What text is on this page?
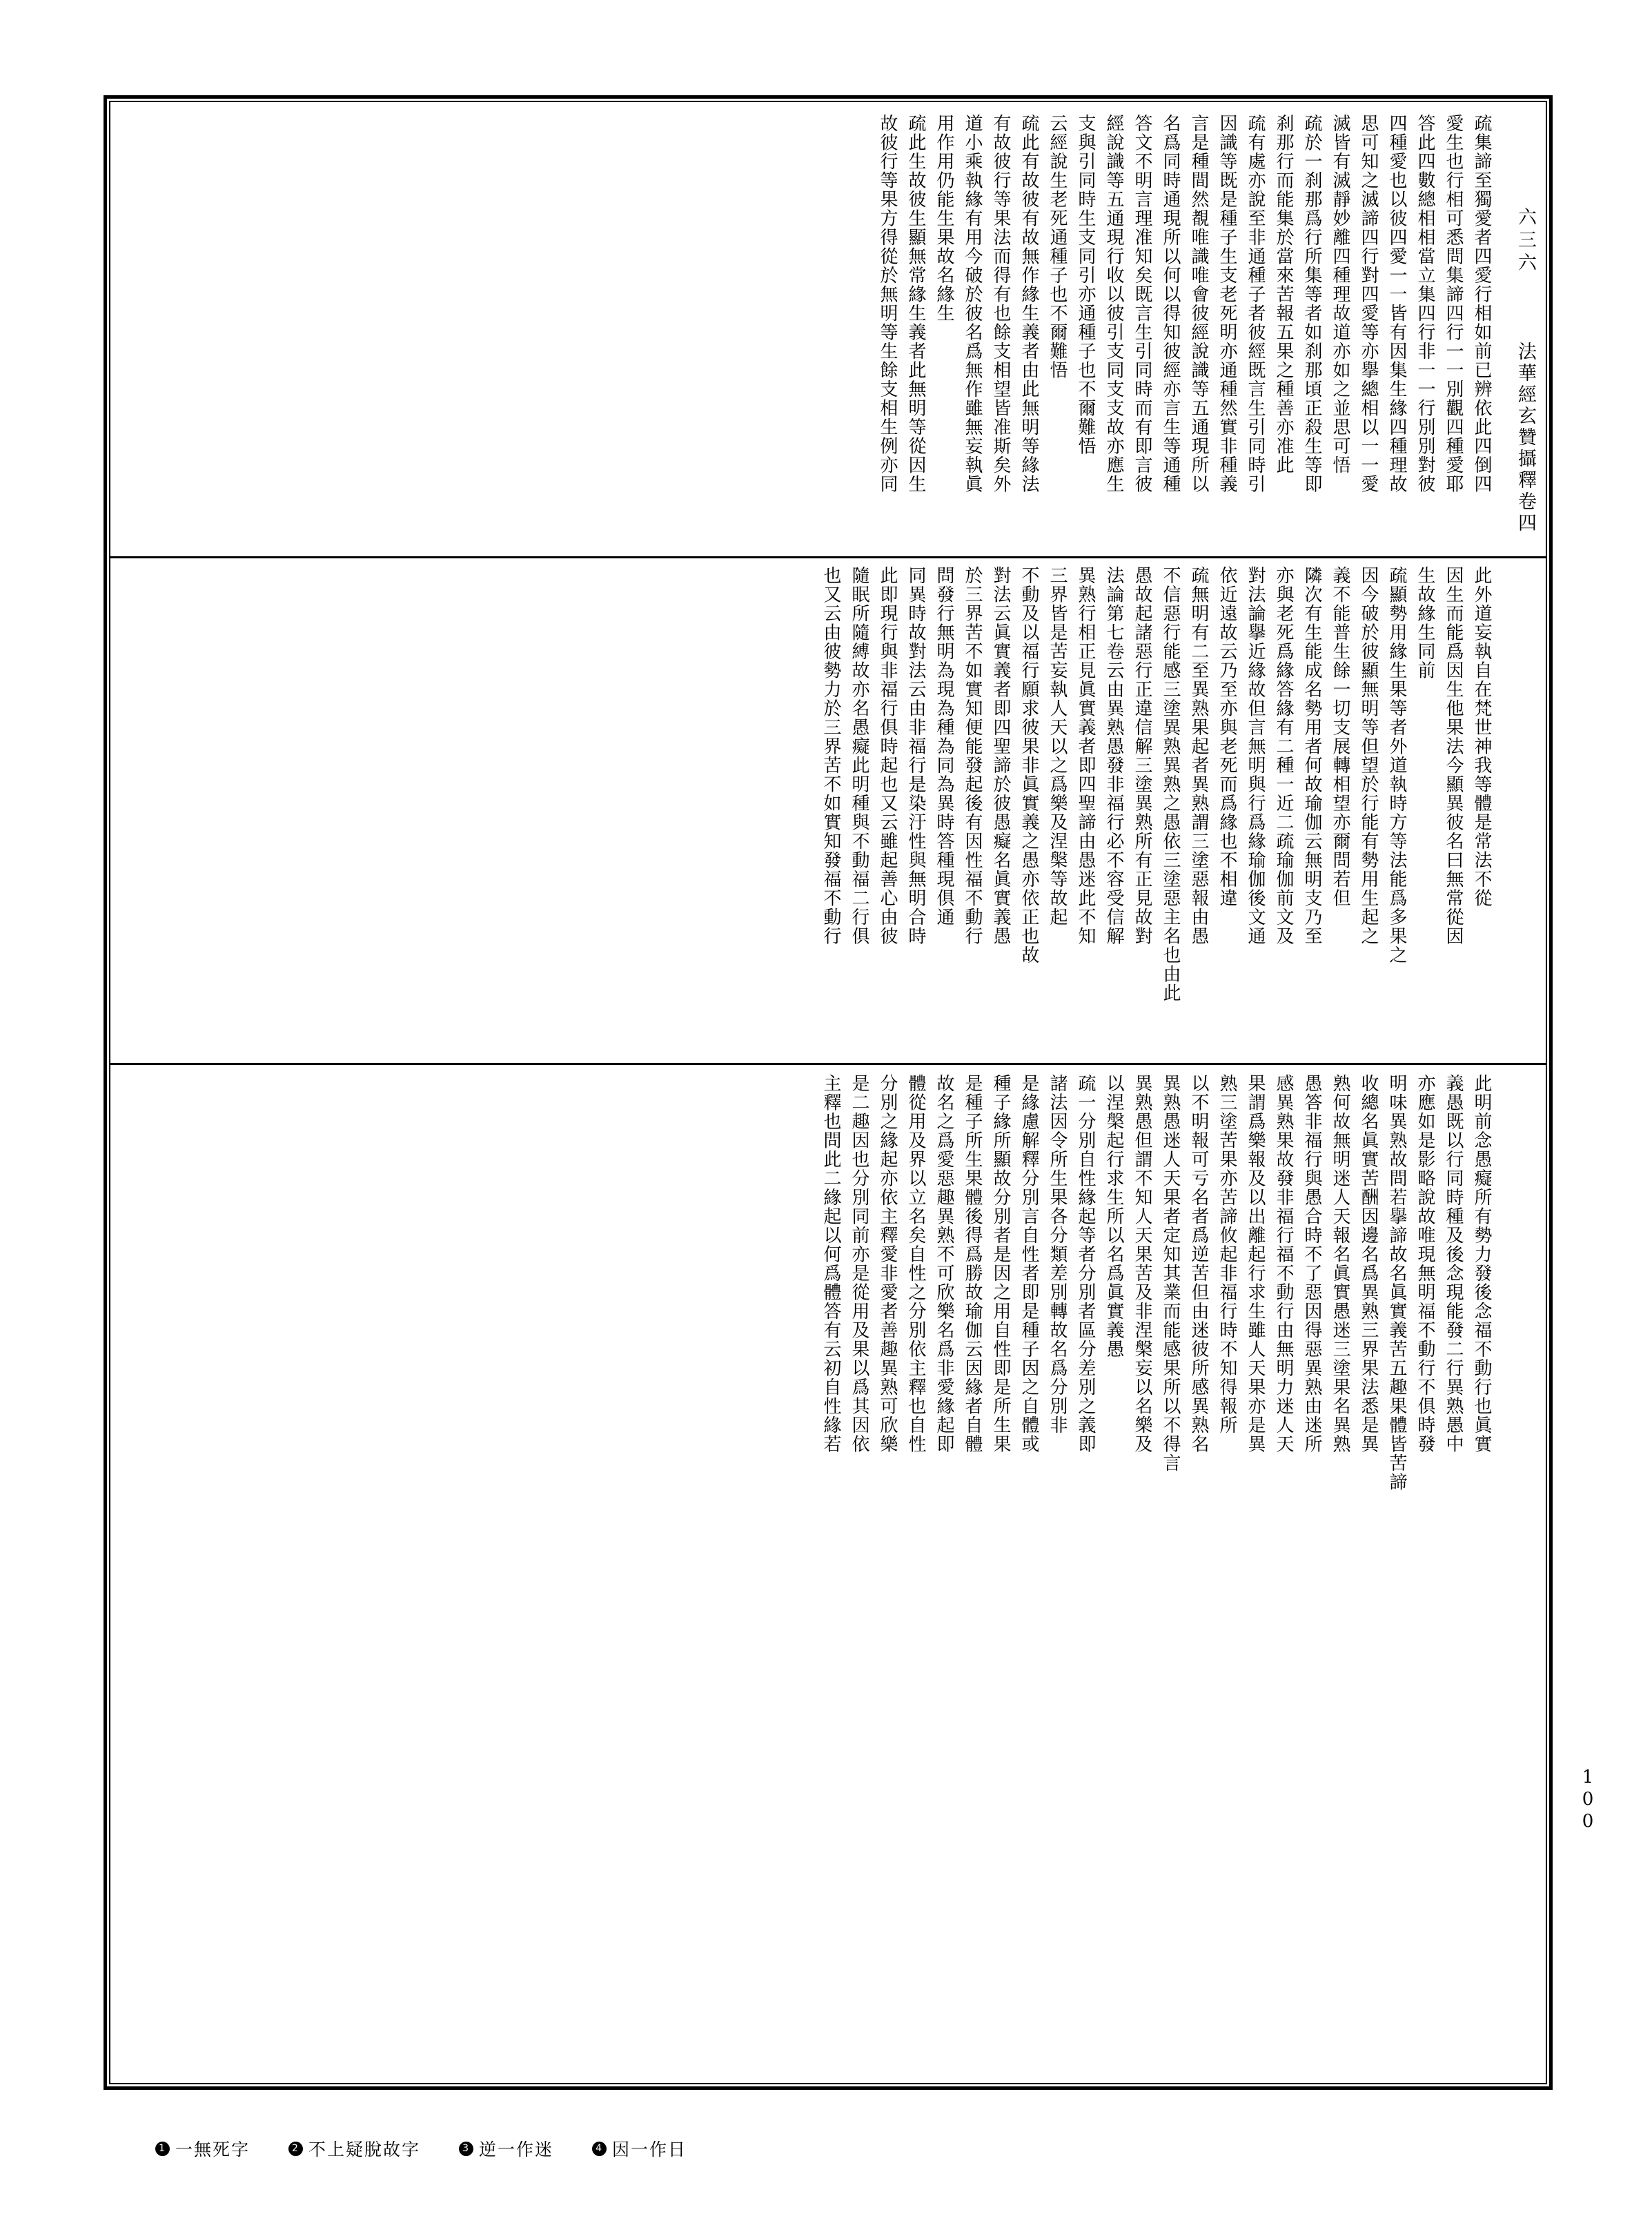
六三六  法華經玄贊攝釋卷四
100
疏集諦至獨愛者四愛行相如前已辨依此四倒四
愛生也行相可悉問集諦四行一一別觀四種愛耶
答此四數總相相當立集四行非一一行別別對彼
四種愛也以彼四愛一一皆有因集生緣四種理故
思可知之滅諦四行對四愛等亦擧總相以一一愛
滅皆有滅靜妙離四種理故道亦如之並思可悟
疏於一刹那爲行所集等者如刹那頃正殺生等即
刹那行而能集於當來苦報五果之種善亦准此
疏有處亦說至非通種子者彼經既言生引同時引
因識等既是種子生支老死明亦通種然實非種義
言是種間然覩唯識唯會彼經說識等五通現所以
名爲同時通現所以何以得知彼經亦言生等通種
答文不明言理准知矣既言生引同時而有即言彼
經說識等五通現行收以彼引支同支支故亦應生
支與引同時生支同引亦通種子也不爾難悟
云經說生老死通種子也不爾難悟
疏此有故彼有故無作緣生義者由此無明等緣法
有故彼行等果法而得有也餘支相望皆准斯矣外
道小乘執緣有用今破於彼名爲無作雖無妄執眞
用作用仍能生果故名緣生
疏此生故彼生顯無常緣生義者此無明等從因生
故彼行等果方得從於無明等生餘支相生例亦同
此外道妄執自在梵世神我等體是常法不從
因生而能爲因生他果法今顯異彼名曰無常從因
生故緣生同前
疏顯勢用緣生果等者外道執時方等法能爲多果之
因今破於彼顯無明等但望於行能有勢用生起之
義不能普生餘一切支展轉相望亦爾問若但
隣次有生能成名勢用者何故瑜伽云無明支乃至
亦與老死爲緣答緣有二種一近二疏瑜伽前文及
對法論擧近緣故但言無明與行爲緣瑜伽後文通
依近遠故云乃至亦與老死而爲緣也不相違
疏無明有二至異熟果起者異熟謂三塗惡報由愚
不信惡行能感三塗異熟異熟之愚依三塗惡主名也由此
愚故起諸惡行正違信解三塗異熟所有正見故對
法論第七卷云由異熟愚發非福行必不容受信解
異熟行相正見眞實義者即四聖諦由愚迷此不知
三界皆是苦妄執人天以之爲樂及涅槃等故起
不動及以福行願求彼果非眞實義之愚亦依正也故
對法云眞實義者即四聖諦於彼愚癡名眞實義愚
於三界苦不如實知便能發起後有因性福不動行
問發行無明為現為種為同為異時答種現俱通
同異時故對法云由非福行是染汙性與無明合時
此即現行與非福行俱時起也又云雖起善心由彼
隨眠所隨縛故亦名愚癡此明種與不動福二行俱
也又云由彼勢力於三界苦不如實知發福不動行
此明前念愚癡所有勢力發後念福不動行也眞實
義愚既以行同時種及後念現能發二行異熟愚中
亦應如是影略說故唯現無明福不動行不俱時發
明味異熟故問若擧諦故名眞實義苦五趣果體皆苦諦
收總名眞實苦酬因邊名爲異熟三界果法悉是異
熟何故無明迷人天報名眞實愚迷三塗果名異熟
愚答非福行與愚合時不了惡因得惡異熟由迷所
感異熟果故發非福行福不動行由無明力迷人天
果謂爲樂報及以出離起行求生雖人天果亦是異
熟三塗苦果亦苦諦攸起非福行時不知得報所
以不明報可亏名者爲逆苦但由迷彼所感異熟名
異熟愚迷人天果者定知其業而能感果所以不得言
異熟愚但謂不知人天果苦及非涅槃妄以名樂及
以涅槃起行求生所以名爲眞實義愚
疏一分別自性緣起等者分別者區分差別之義即
諸法因令所生果各分類差別轉故名爲分別非
是緣慮解釋分別言自性者即是種子因之自體或
種子緣所顯故分別者是因之用自性即是所生果
是種子所生果體後得爲勝故瑜伽云因緣者自體
故名之爲愛惡趣異熟不可欣樂名爲非愛緣起即
體從用及界以立名矣自性之分別依主釋也自性
分別之緣起亦依主釋愛非愛者善趣異熟可欣樂
是二趣因也分別同前亦是從用及果以爲其因依
主釋也問此二緣起以何爲體答有云初自性緣若
1 一無死字	2 不上疑脫故字	3 逆一作迷	4 因一作日
